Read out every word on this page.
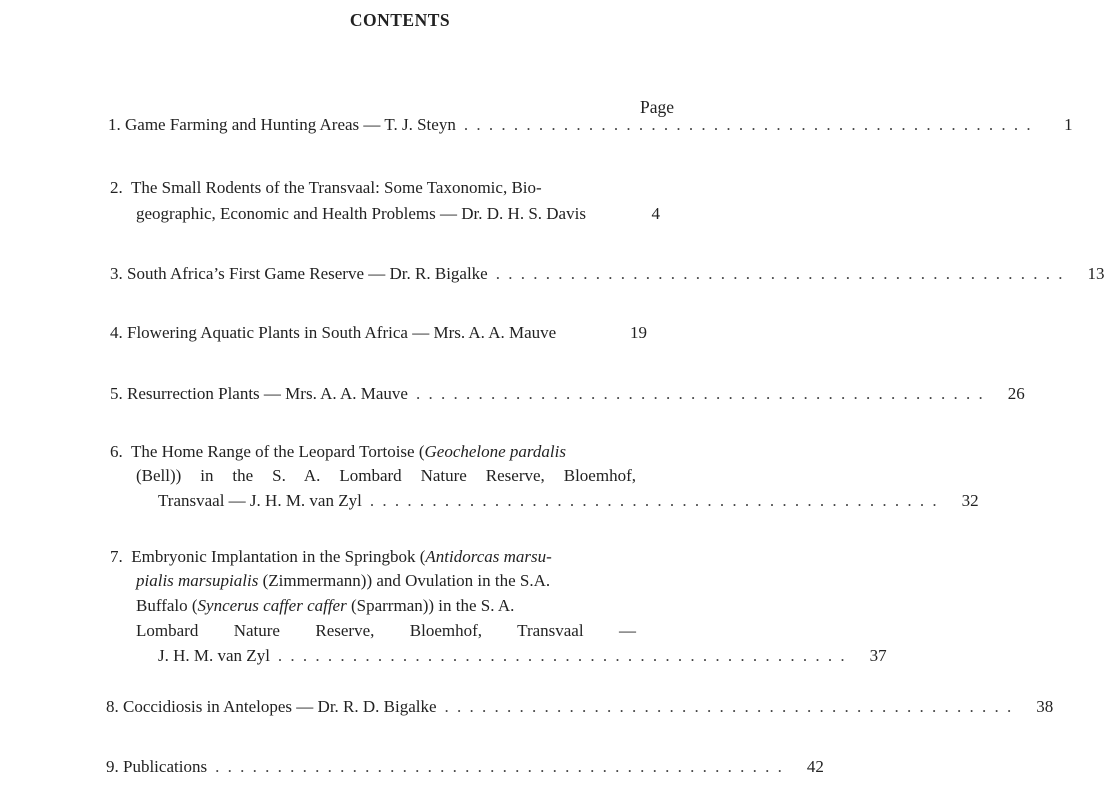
CONTENTS
Page
1.
Game Farming and Hunting Areas — T. J. Steyn . . . . . . . . . . . . . . . . . . . . . . . . . . . . . . . . . . . . . . . . . . . . . .	1
2. The Small Rodents of the Transvaal: Some Taxonomic, Bio-
geographic, Economic and Health Problems — Dr. D. H. S. Davis	4
3.
South Africa’s First Game Reserve — Dr. R. Bigalke . . . . . . . . . . . . . . . . . . . . . . . . . . . . . . . . . . . . . . . . . . . . . .	13
4.
Flowering Aquatic Plants in South Africa — Mrs. A. A. Mauve	19
5.
Resurrection Plants — Mrs. A. A. Mauve . . . . . . . . . . . . . . . . . . . . . . . . . . . . . . . . . . . . . . . . . . . . . .	26
6. The Home Range of the Leopard Tortoise (Geochelone pardalis
(Bell)) in the S. A. Lombard Nature Reserve, Bloemhof,
Transvaal — J. H. M. van Zyl . . . . . . . . . . . . . . . . . . . . . . . . . . . . . . . . . . . . . . . . . . . . . .	32
7. Embryonic Implantation in the Springbok (Antidorcas marsu-
pialis marsupialis (Zimmermann)) and Ovulation in the S.A.
Buffalo (Syncerus caffer caffer (Sparrman)) in the S. A.
Lombard Nature Reserve, Bloemhof, Transvaal —
J. H. M. van Zyl . . . . . . . . . . . . . . . . . . . . . . . . . . . . . . . . . . . . . . . . . . . . . .	37
8.
Coccidiosis in Antelopes — Dr. R. D. Bigalke . . . . . . . . . . . . . . . . . . . . . . . . . . . . . . . . . . . . . . . . . . . . . .	38
9.
Publications . . . . . . . . . . . . . . . . . . . . . . . . . . . . . . . . . . . . . . . . . . . . . .	42
